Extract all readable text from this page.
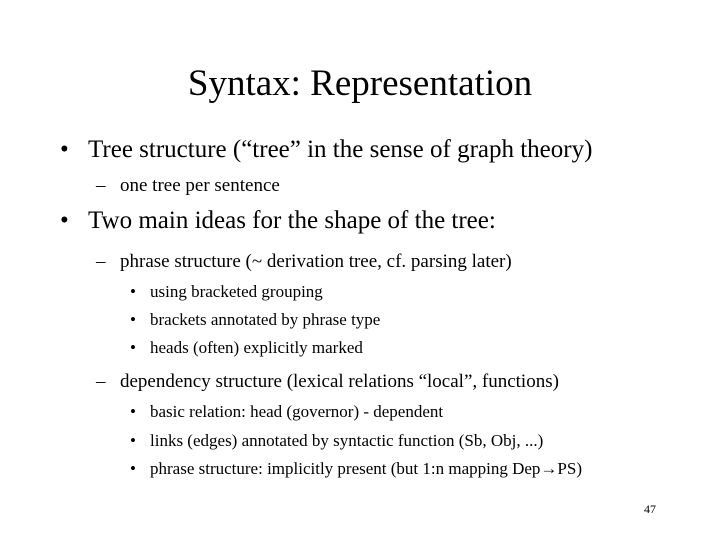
Syntax: Representation
• Tree structure (“tree” in the sense of graph theory)
– one tree per sentence
• Two main ideas for the shape of the tree:
– phrase structure (~ derivation tree, cf. parsing later)
• using bracketed grouping
• brackets annotated by phrase type
• heads (often) explicitly marked
– dependency structure (lexical relations “local”, functions)
• basic relation: head (governor) - dependent
• links (edges) annotated by syntactic function (Sb, Obj, ...)
• phrase structure: implicitly present (but 1:n mapping Dep→PS)
47
